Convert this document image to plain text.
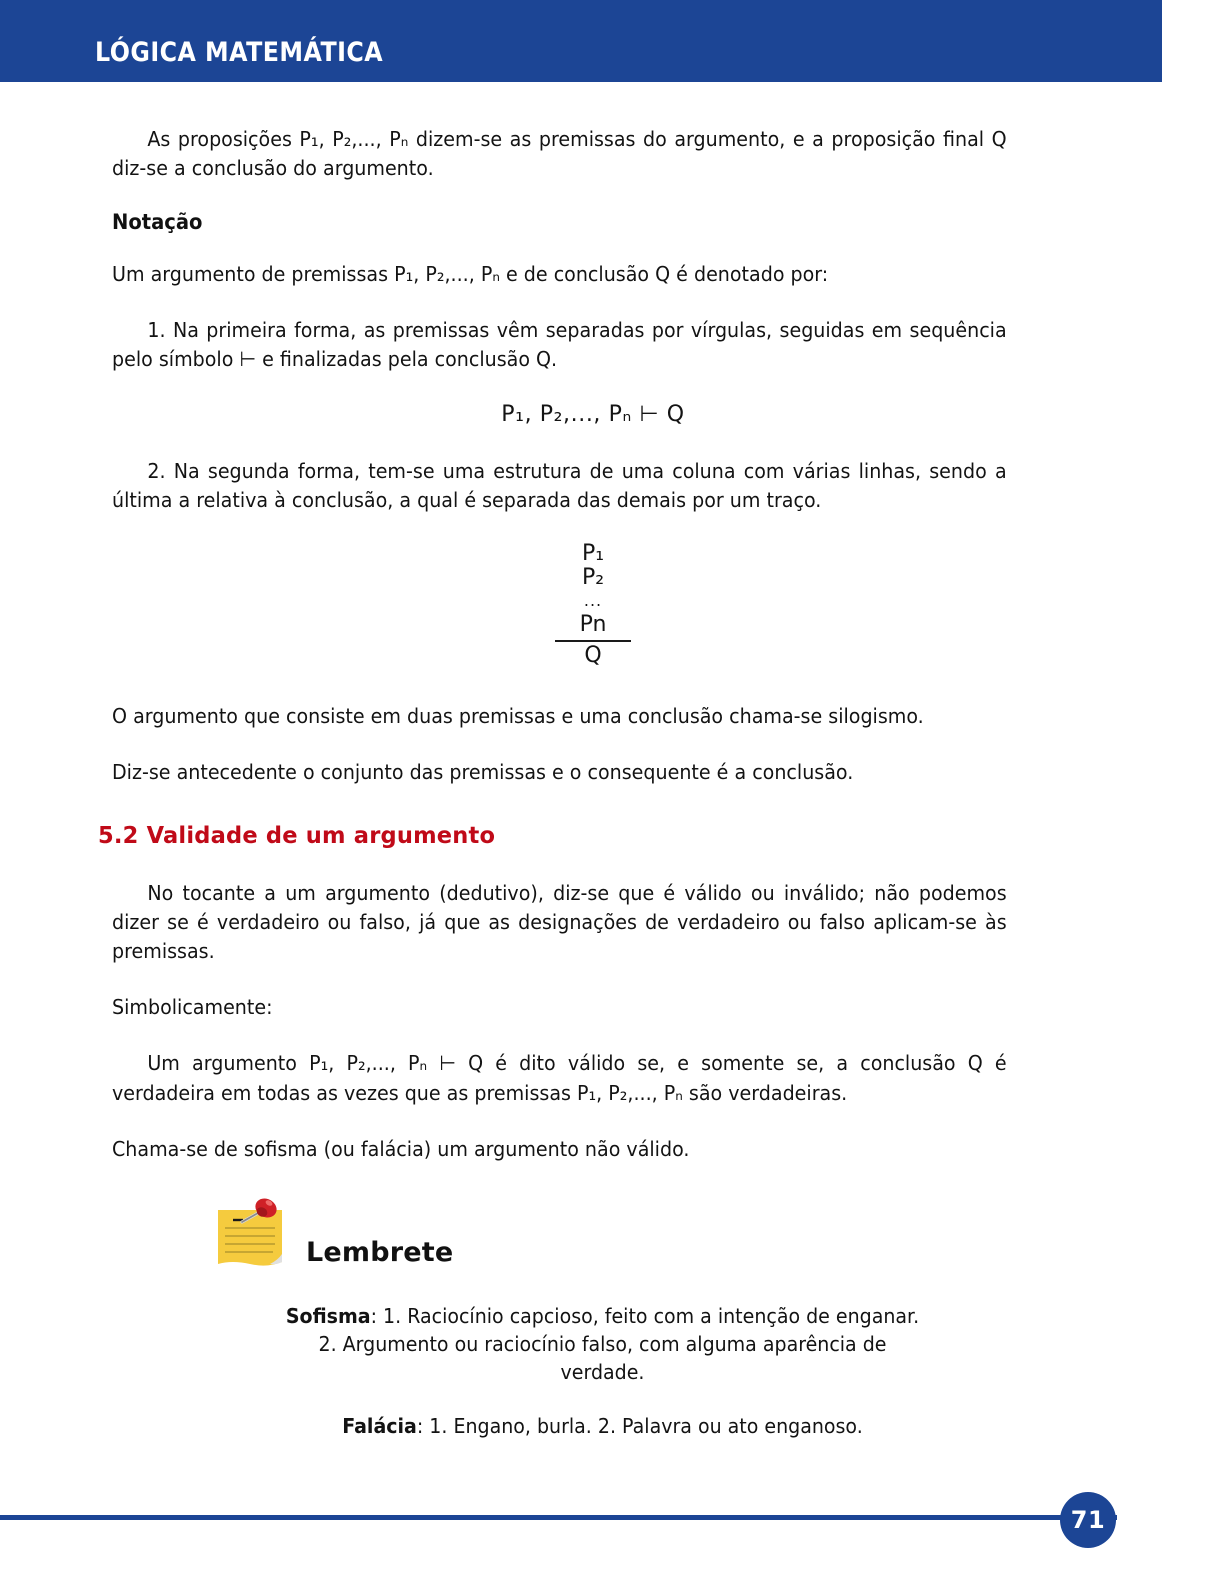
LÓGICA MATEMÁTICA

As proposições P₁, P₂,..., Pₙ dizem-se as premissas do argumento, e a proposição final Q diz-se a conclusão do argumento.

Notação

Um argumento de premissas P₁, P₂,..., Pₙ e de conclusão Q é denotado por:

1. Na primeira forma, as premissas vêm separadas por vírgulas, seguidas em sequência pelo símbolo ⊢ e finalizadas pela conclusão Q.

P₁, P₂,..., Pₙ ⊢ Q

2. Na segunda forma, tem-se uma estrutura de uma coluna com várias linhas, sendo a última a relativa à conclusão, a qual é separada das demais por um traço.

P₁
P₂
...
Pn
Q

O argumento que consiste em duas premissas e uma conclusão chama-se silogismo.

Diz-se antecedente o conjunto das premissas e o consequente é a conclusão.

5.2 Validade de um argumento

No tocante a um argumento (dedutivo), diz-se que é válido ou inválido; não podemos dizer se é verdadeiro ou falso, já que as designações de verdadeiro ou falso aplicam-se às premissas.

Simbolicamente:

Um argumento P₁, P₂,..., Pₙ ⊢ Q é dito válido se, e somente se, a conclusão Q é verdadeira em todas as vezes que as premissas P₁, P₂,..., Pₙ são verdadeiras.

Chama-se de sofisma (ou falácia) um argumento não válido.

Lembrete

Sofisma: 1. Raciocínio capcioso, feito com a intenção de enganar. 2. Argumento ou raciocínio falso, com alguma aparência de verdade.

Falácia: 1. Engano, burla. 2. Palavra ou ato enganoso.

71
